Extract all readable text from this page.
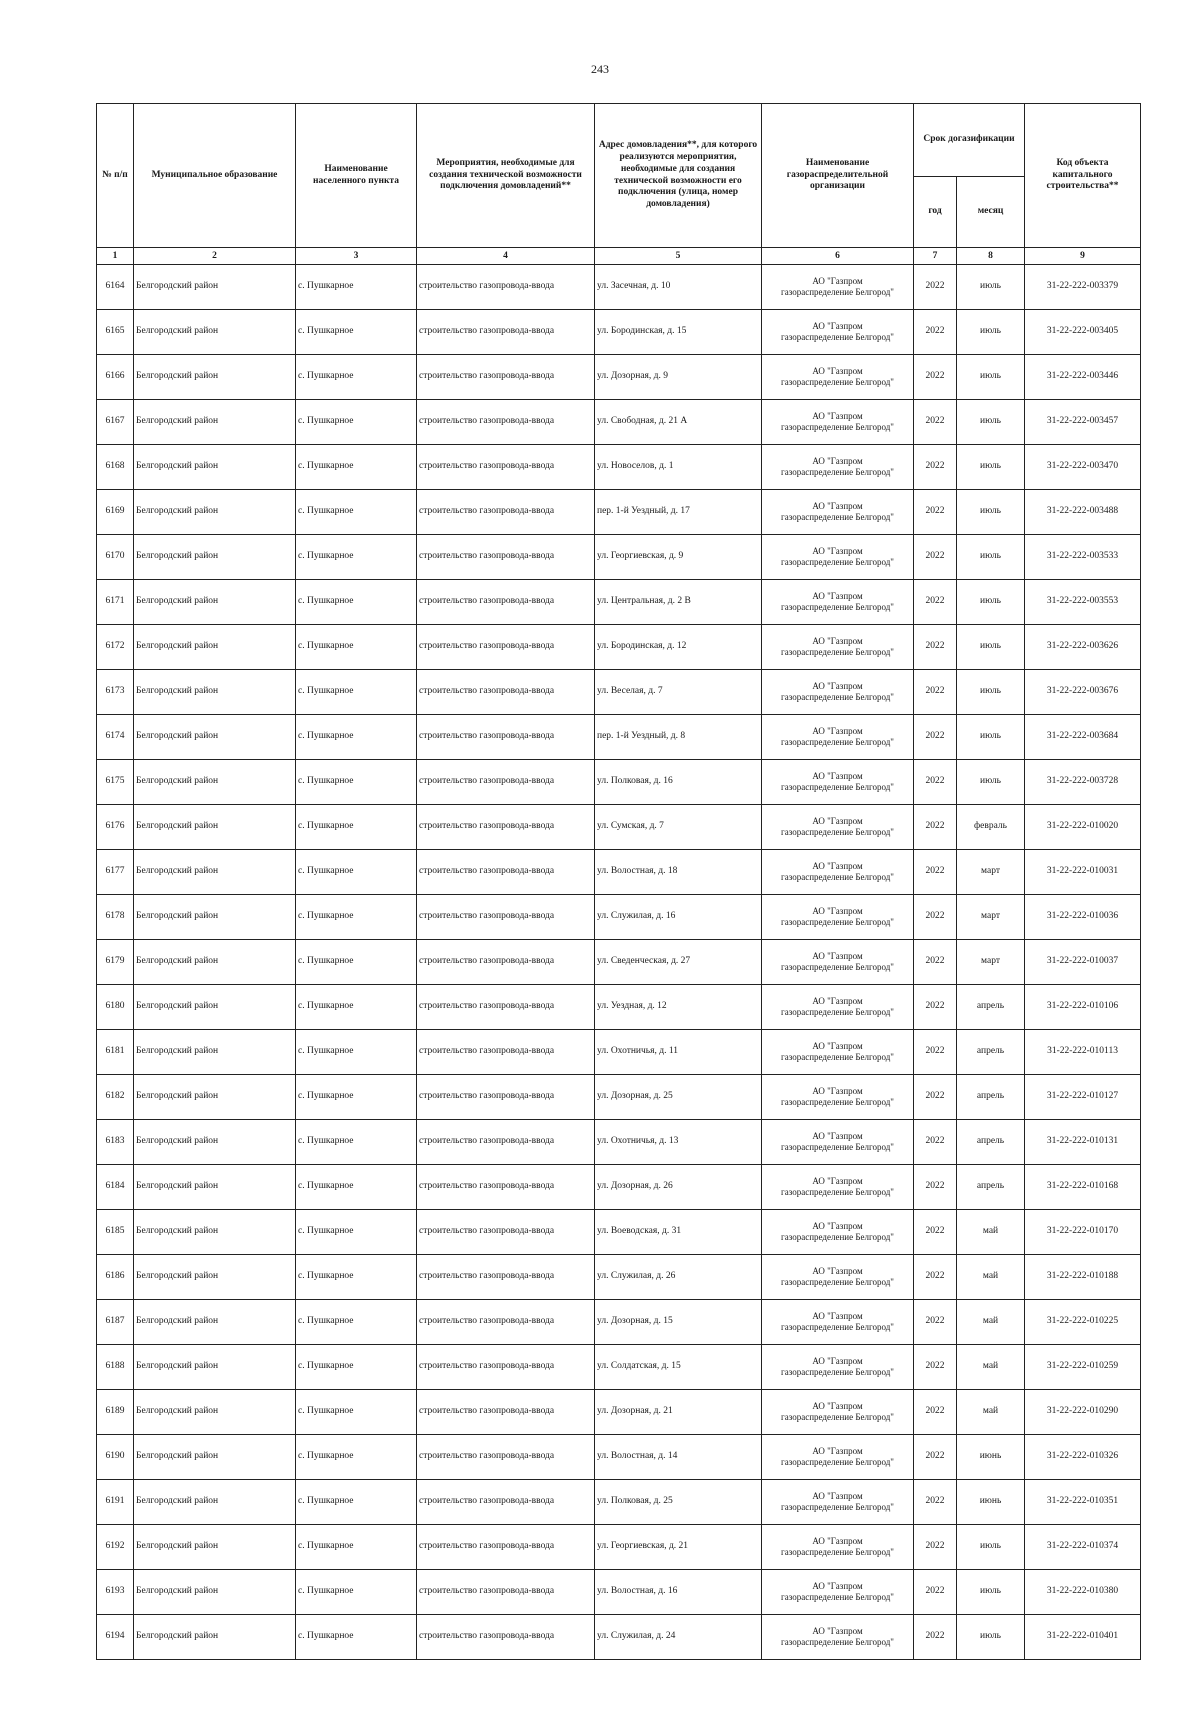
243
№ п/п	Муниципальное образование	Наименование населенного пункта	Мероприятия, необходимые для создания технической возможности подключения домовладений**	Адрес домовладения**, для которого реализуются мероприятия, необходимые для создания технической возможности его подключения (улица, номер домовладения)	Наименование газораспределительной организации	Срок догазификации		Код объекта капитального строительства**
						год	месяц	
1	2	3	4	5	6	7	8	9
6164	Белгородский район	с. Пушкарное	строительство газопровода-ввода	ул. Засечная, д. 10	АО "Газпром
газораспределение Белгород"	2022	июль	31-22-222-003379
6165	Белгородский район	с. Пушкарное	строительство газопровода-ввода	ул. Бородинская, д. 15	АО "Газпром
газораспределение Белгород"	2022	июль	31-22-222-003405
6166	Белгородский район	с. Пушкарное	строительство газопровода-ввода	ул. Дозорная, д. 9	АО "Газпром
газораспределение Белгород"	2022	июль	31-22-222-003446
6167	Белгородский район	с. Пушкарное	строительство газопровода-ввода	ул. Свободная, д. 21 А	АО "Газпром
газораспределение Белгород"	2022	июль	31-22-222-003457
6168	Белгородский район	с. Пушкарное	строительство газопровода-ввода	ул. Новоселов, д. 1	АО "Газпром
газораспределение Белгород"	2022	июль	31-22-222-003470
6169	Белгородский район	с. Пушкарное	строительство газопровода-ввода	пер. 1-й Уездный, д. 17	АО "Газпром
газораспределение Белгород"	2022	июль	31-22-222-003488
6170	Белгородский район	с. Пушкарное	строительство газопровода-ввода	ул. Георгиевская, д. 9	АО "Газпром
газораспределение Белгород"	2022	июль	31-22-222-003533
6171	Белгородский район	с. Пушкарное	строительство газопровода-ввода	ул. Центральная, д. 2 В	АО "Газпром
газораспределение Белгород"	2022	июль	31-22-222-003553
6172	Белгородский район	с. Пушкарное	строительство газопровода-ввода	ул. Бородинская, д. 12	АО "Газпром
газораспределение Белгород"	2022	июль	31-22-222-003626
6173	Белгородский район	с. Пушкарное	строительство газопровода-ввода	ул. Веселая, д. 7	АО "Газпром
газораспределение Белгород"	2022	июль	31-22-222-003676
6174	Белгородский район	с. Пушкарное	строительство газопровода-ввода	пер. 1-й Уездный, д. 8	АО "Газпром
газораспределение Белгород"	2022	июль	31-22-222-003684
6175	Белгородский район	с. Пушкарное	строительство газопровода-ввода	ул. Полковая, д. 16	АО "Газпром
газораспределение Белгород"	2022	июль	31-22-222-003728
6176	Белгородский район	с. Пушкарное	строительство газопровода-ввода	ул. Сумская, д. 7	АО "Газпром
газораспределение Белгород"	2022	февраль	31-22-222-010020
6177	Белгородский район	с. Пушкарное	строительство газопровода-ввода	ул. Волостная, д. 18	АО "Газпром
газораспределение Белгород"	2022	март	31-22-222-010031
6178	Белгородский район	с. Пушкарное	строительство газопровода-ввода	ул. Служилая, д. 16	АО "Газпром
газораспределение Белгород"	2022	март	31-22-222-010036
6179	Белгородский район	с. Пушкарное	строительство газопровода-ввода	ул. Сведенческая, д. 27	АО "Газпром
газораспределение Белгород"	2022	март	31-22-222-010037
6180	Белгородский район	с. Пушкарное	строительство газопровода-ввода	ул. Уездная, д. 12	АО "Газпром
газораспределение Белгород"	2022	апрель	31-22-222-010106
6181	Белгородский район	с. Пушкарное	строительство газопровода-ввода	ул. Охотничья, д. 11	АО "Газпром
газораспределение Белгород"	2022	апрель	31-22-222-010113
6182	Белгородский район	с. Пушкарное	строительство газопровода-ввода	ул. Дозорная, д. 25	АО "Газпром
газораспределение Белгород"	2022	апрель	31-22-222-010127
6183	Белгородский район	с. Пушкарное	строительство газопровода-ввода	ул. Охотничья, д. 13	АО "Газпром
газораспределение Белгород"	2022	апрель	31-22-222-010131
6184	Белгородский район	с. Пушкарное	строительство газопровода-ввода	ул. Дозорная, д. 26	АО "Газпром
газораспределение Белгород"	2022	апрель	31-22-222-010168
6185	Белгородский район	с. Пушкарное	строительство газопровода-ввода	ул. Воеводская, д. 31	АО "Газпром
газораспределение Белгород"	2022	май	31-22-222-010170
6186	Белгородский район	с. Пушкарное	строительство газопровода-ввода	ул. Служилая, д. 26	АО "Газпром
газораспределение Белгород"	2022	май	31-22-222-010188
6187	Белгородский район	с. Пушкарное	строительство газопровода-ввода	ул. Дозорная, д. 15	АО "Газпром
газораспределение Белгород"	2022	май	31-22-222-010225
6188	Белгородский район	с. Пушкарное	строительство газопровода-ввода	ул. Солдатская, д. 15	АО "Газпром
газораспределение Белгород"	2022	май	31-22-222-010259
6189	Белгородский район	с. Пушкарное	строительство газопровода-ввода	ул. Дозорная, д. 21	АО "Газпром
газораспределение Белгород"	2022	май	31-22-222-010290
6190	Белгородский район	с. Пушкарное	строительство газопровода-ввода	ул. Волостная, д. 14	АО "Газпром
газораспределение Белгород"	2022	июнь	31-22-222-010326
6191	Белгородский район	с. Пушкарное	строительство газопровода-ввода	ул. Полковая, д. 25	АО "Газпром
газораспределение Белгород"	2022	июнь	31-22-222-010351
6192	Белгородский район	с. Пушкарное	строительство газопровода-ввода	ул. Георгиевская, д. 21	АО "Газпром
газораспределение Белгород"	2022	июль	31-22-222-010374
6193	Белгородский район	с. Пушкарное	строительство газопровода-ввода	ул. Волостная, д. 16	АО "Газпром
газораспределение Белгород"	2022	июль	31-22-222-010380
6194	Белгородский район	с. Пушкарное	строительство газопровода-ввода	ул. Служилая, д. 24	АО "Газпром
газораспределение Белгород"	2022	июль	31-22-222-010401
